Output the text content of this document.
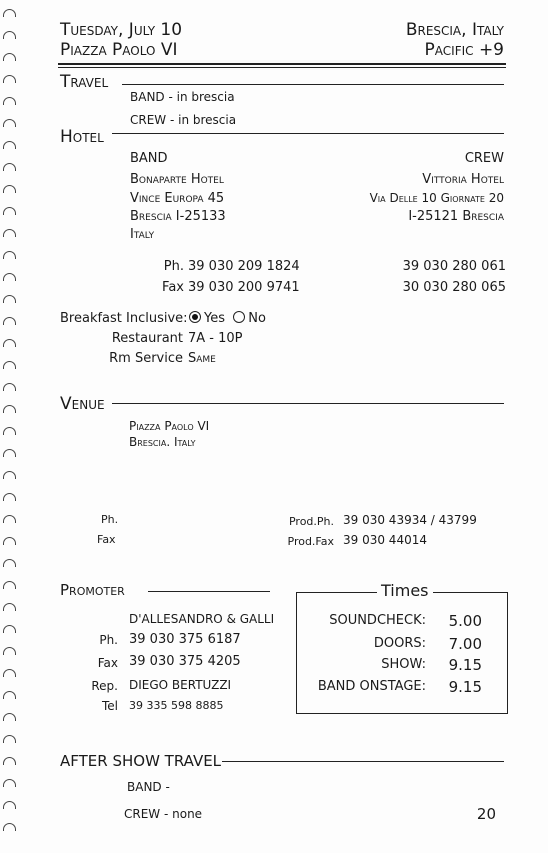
Tuesday, July 10
Piazza Paolo VI
Brescia, Italy
Pacific +9
Travel
BAND - in brescia
CREW - in brescia
Hotel
BAND
Bonaparte Hotel
Vince Europa 45
Brescia I-25133
Italy
CREW
Vittoria Hotel
Via Delle 10 Giornate 20
I-25121 Brescia
Ph. 39 030 209 1824	39 030 280 061
Fax 39 030 200 9741	30 030 280 065
Breakfast Inclusive:	Yes No
Restaurant 7A - 10P
Rm Service Same
Venue
Piazza Paolo VI
Brescia. Italy
Ph.
Fax
Prod.Ph. 39 030 43934 / 43799
Prod.Fax 39 030 44014
Promoter
D'ALLESANDRO & GALLI
Ph. 39 030 375 6187
Fax 39 030 375 4205
Rep. DIEGO BERTUZZI
Tel 39 335 598 8885
Times
SOUNDCHECK: 5.00
DOORS: 7.00
SHOW: 9.15
BAND ONSTAGE: 9.15
AFTER SHOW TRAVEL
BAND -
CREW - none	20
